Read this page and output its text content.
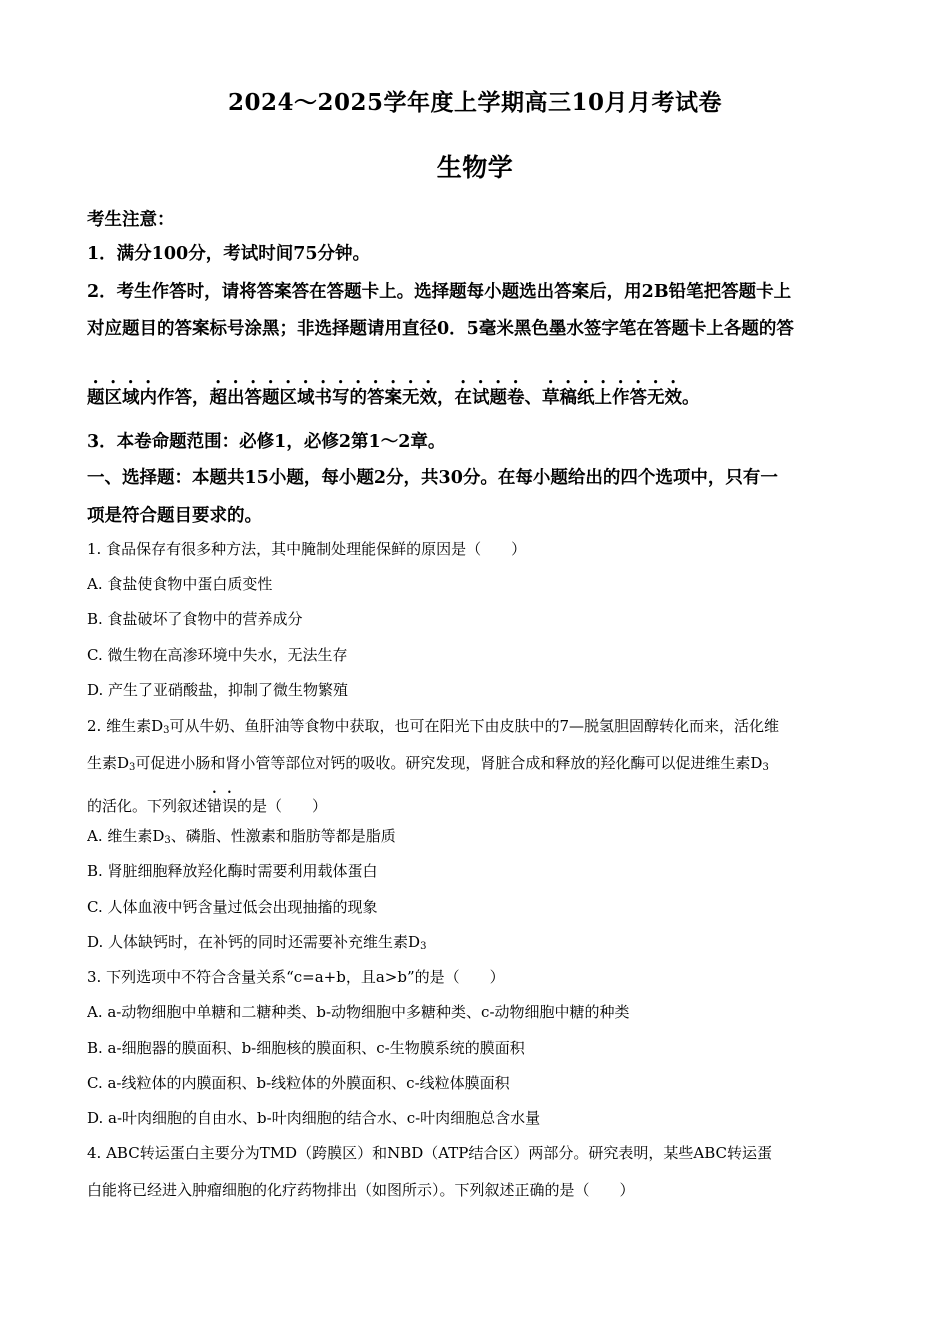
2024～2025学年度上学期高三10月月考试卷
生物学
考生注意：
1．满分100分，考试时间75分钟。
2．考生作答时，请将答案答在答题卡上。选择题每小题选出答案后，用2B铅笔把答题卡上
对应题目的答案标号涂黑；非选择题请用直径0．5毫米黑色墨水签字笔在答题卡上各题的答
题区域内作答，超出答题区域书写的答案无效，在试题卷、草稿纸上作答无效。
3．本卷命题范围：必修1，必修2第1～2章。
一、选择题：本题共15小题，每小题2分，共30分。在每小题给出的四个选项中，只有一
项是符合题目要求的。
1. 食品保存有很多种方法，其中腌制处理能保鲜的原因是（　　）
A. 食盐使食物中蛋白质变性
B. 食盐破坏了食物中的营养成分
C. 微生物在高渗环境中失水，无法生存
D. 产生了亚硝酸盐，抑制了微生物繁殖
2. 维生素$D_3$可从牛奶、鱼肝油等食物中获取，也可在阳光下由皮肤中的7—脱氢胆固醇转化而来，活化维
生素$D_3$可促进小肠和肾小管等部位对钙的吸收。研究发现，肾脏合成和释放的羟化酶可以促进维生素$D_3$
的活化。下列叙述错误的是（　　）
A. 维生素$D_3$、磷脂、性激素和脂肪等都是脂质
B. 肾脏细胞释放羟化酶时需要利用载体蛋白
C. 人体血液中钙含量过低会出现抽搐的现象
D. 人体缺钙时，在补钙的同时还需要补充维生素$D_3$
3. 下列选项中不符合含量关系“c=a+b，且a>b”的是（　　）
A. a-动物细胞中单糖和二糖种类、b-动物细胞中多糖种类、c-动物细胞中糖的种类
B. a-细胞器的膜面积、b-细胞核的膜面积、c-生物膜系统的膜面积
C. a-线粒体的内膜面积、b-线粒体的外膜面积、c-线粒体膜面积
D. a-叶肉细胞的自由水、b-叶肉细胞的结合水、c-叶肉细胞总含水量
4. ABC转运蛋白主要分为TMD（跨膜区）和NBD（ATP结合区）两部分。研究表明，某些ABC转运蛋
白能将已经进入肿瘤细胞的化疗药物排出（如图所示）。下列叙述正确的是（　　）
